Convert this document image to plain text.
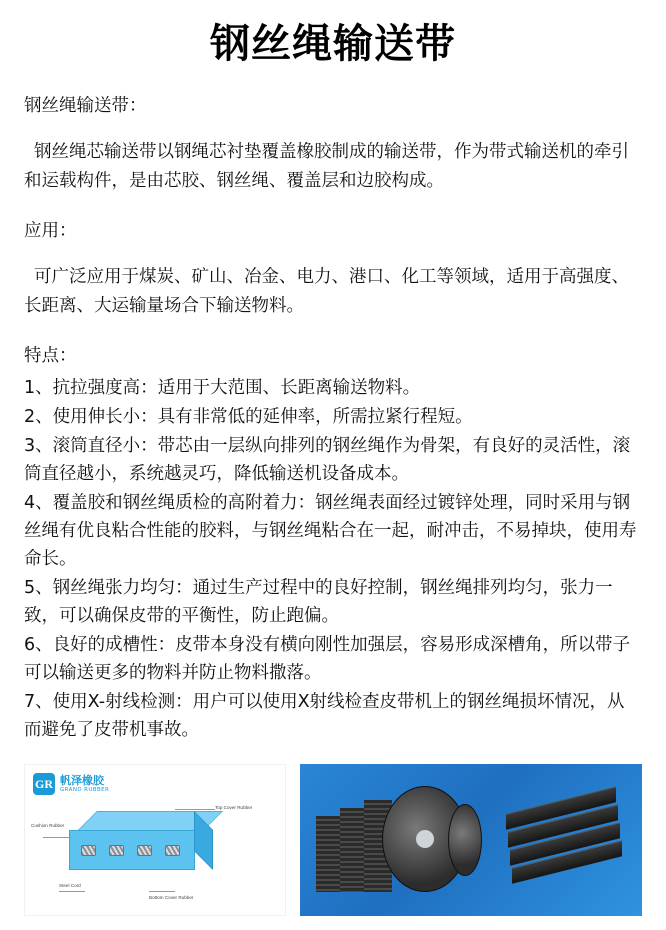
钢丝绳输送带

钢丝绳输送带：

钢丝绳芯输送带以钢绳芯衬垫覆盖橡胶制成的输送带，作为带式输送机的牵引和运载构件，是由芯胶、钢丝绳、覆盖层和边胶构成。

应用：

可广泛应用于煤炭、矿山、冶金、电力、港口、化工等领域，适用于高强度、长距离、大运输量场合下输送物料。

特点：

1、抗拉强度高：适用于大范围、长距离输送物料。
2、使用伸长小：具有非常低的延伸率，所需拉紧行程短。
3、滚筒直径小：带芯由一层纵向排列的钢丝绳作为骨架，有良好的灵活性，滚筒直径越小，系统越灵巧，降低输送机设备成本。
4、覆盖胶和钢丝绳质检的高附着力：钢丝绳表面经过镀锌处理，同时采用与钢丝绳有优良粘合性能的胶料，与钢丝绳粘合在一起，耐冲击，不易掉块，使用寿命长。
5、钢丝绳张力均匀：通过生产过程中的良好控制，钢丝绳排列均匀，张力一致，可以确保皮带的平衡性，防止跑偏。
6、良好的成槽性：皮带本身没有横向刚性加强层，容易形成深槽角，所以带子可以输送更多的物料并防止物料撒落。
7、使用X-射线检测：用户可以使用X射线检查皮带机上的钢丝绳损坏情况，从而避免了皮带机事故。
GR 帆泽橡胶
GRAND RUBBER
Top Cover Rubber
Cushion Rubber
Steel Cord
Bottom Cover Rubber
